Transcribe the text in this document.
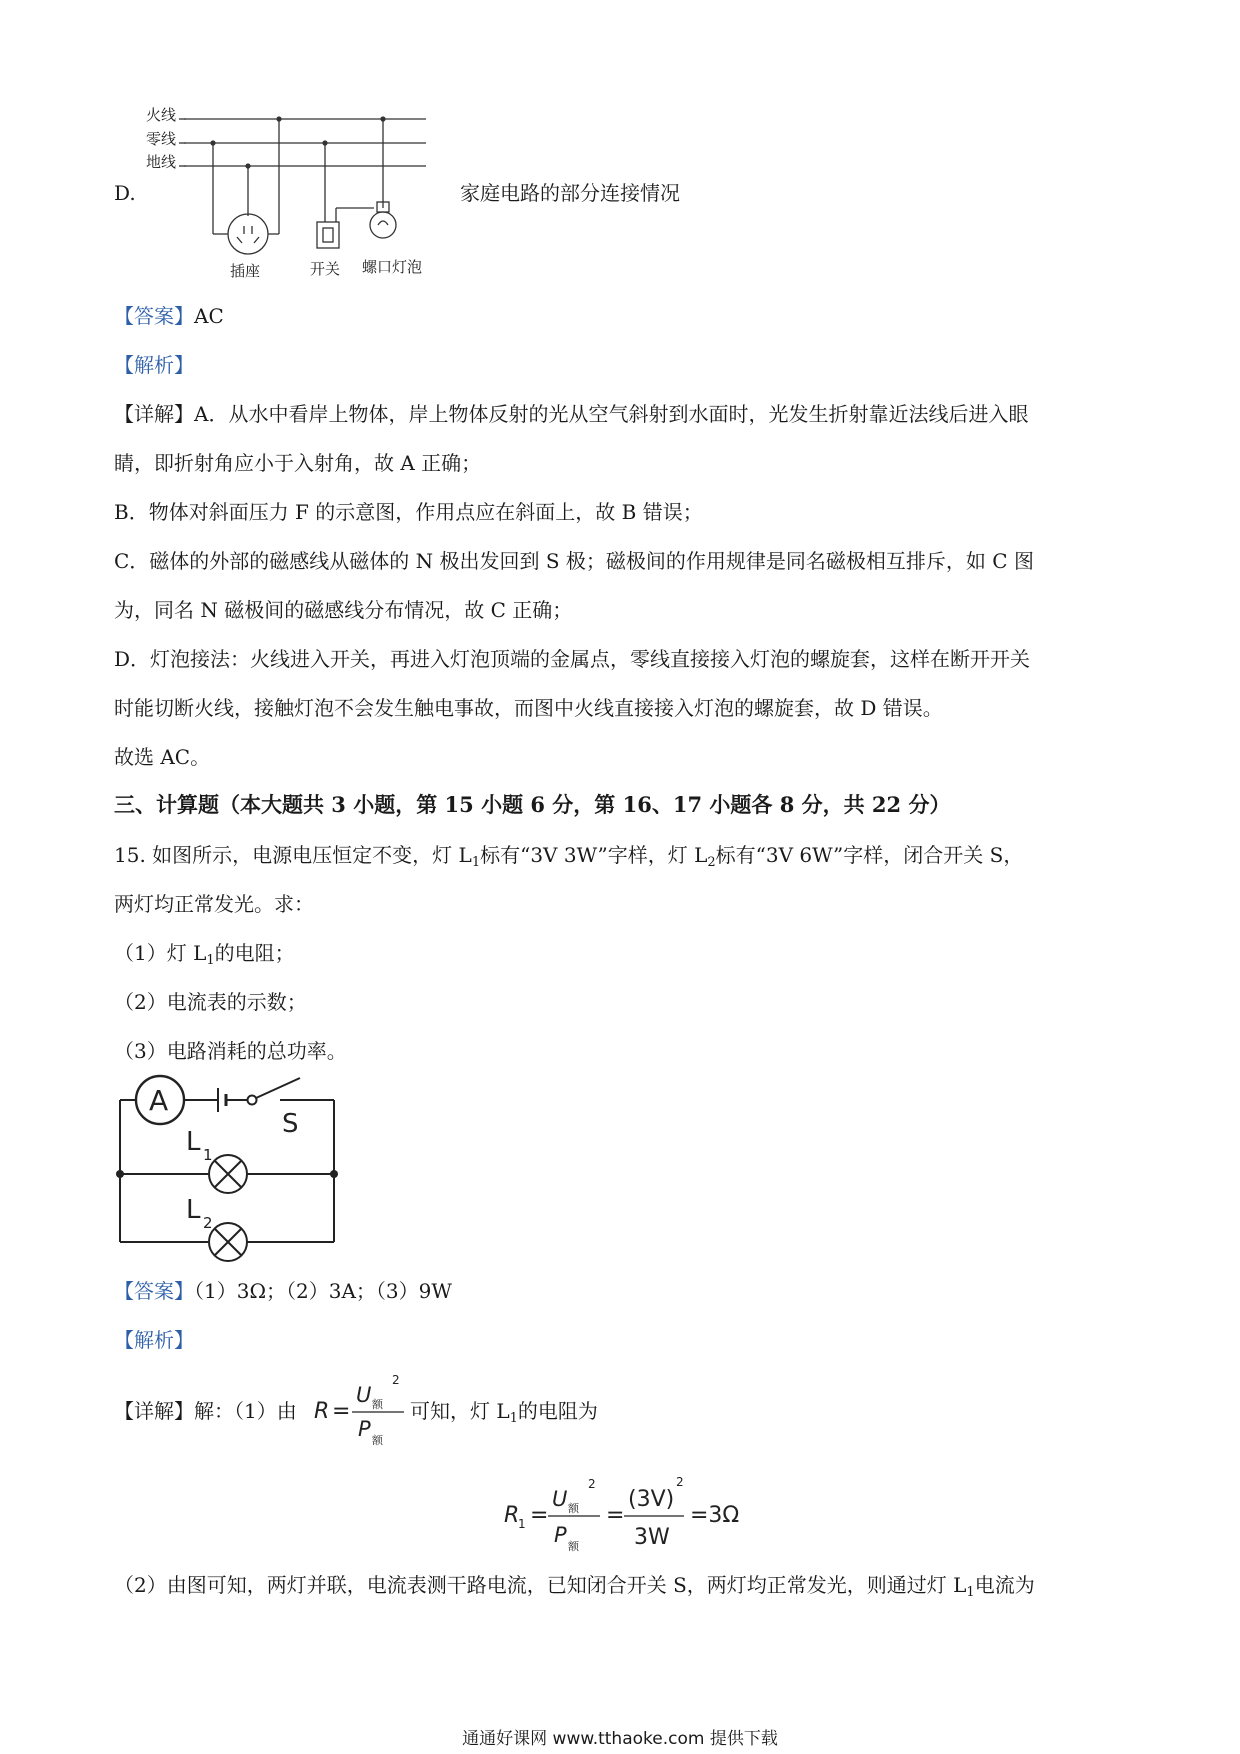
D.
火线
零线
地线
插座	开关 螺口灯泡
家庭电路的部分连接情况
【答案】AC
【解析】
【详解】A．从水中看岸上物体，岸上物体反射的光从空气斜射到水面时，光发生折射靠近法线后进入眼
睛，即折射角应小于入射角，故 A 正确；
B．物体对斜面压力 F 的示意图，作用点应在斜面上，故 B 错误；
C．磁体的外部的磁感线从磁体的 N 极出发回到 S 极；磁极间的作用规律是同名磁极相互排斥，如 C 图
为，同名 N 磁极间的磁感线分布情况，故 C 正确；
D．灯泡接法：火线进入开关，再进入灯泡顶端的金属点，零线直接接入灯泡的螺旋套，这样在断开开关
时能切断火线，接触灯泡不会发生触电事故，而图中火线直接接入灯泡的螺旋套，故 D 错误。
故选 AC。
三、计算题（本大题共 3 小题，第 15 小题 6 分，第 16、17 小题各 8 分，共 22 分）
15. 如图所示，电源电压恒定不变，灯 $L_1$标有“3V 3W”字样，灯 $L_2$标有“3V 6W”字样，闭合开关 S，
两灯均正常发光。求：
（1）灯 $L_1$的电阻；
（2）电流表的示数；
（3）电路消耗的总功率。
A
S
L 1
L 2
【答案】（1）3Ω；（2）3A；（3）9W
【解析】
【详解】解：（1）由 R =
U 额
2
P 额
可知，灯 $L_1$的电阻为
R
1 =
U 额
2
P 额
=
(3V)
2
3W
=3Ω
（2）由图可知，两灯并联，电流表测干路电流，已知闭合开关 S，两灯均正常发光，则通过灯 $L_1$电流为
通通好课网 www.tthaoke.com 提供下载
